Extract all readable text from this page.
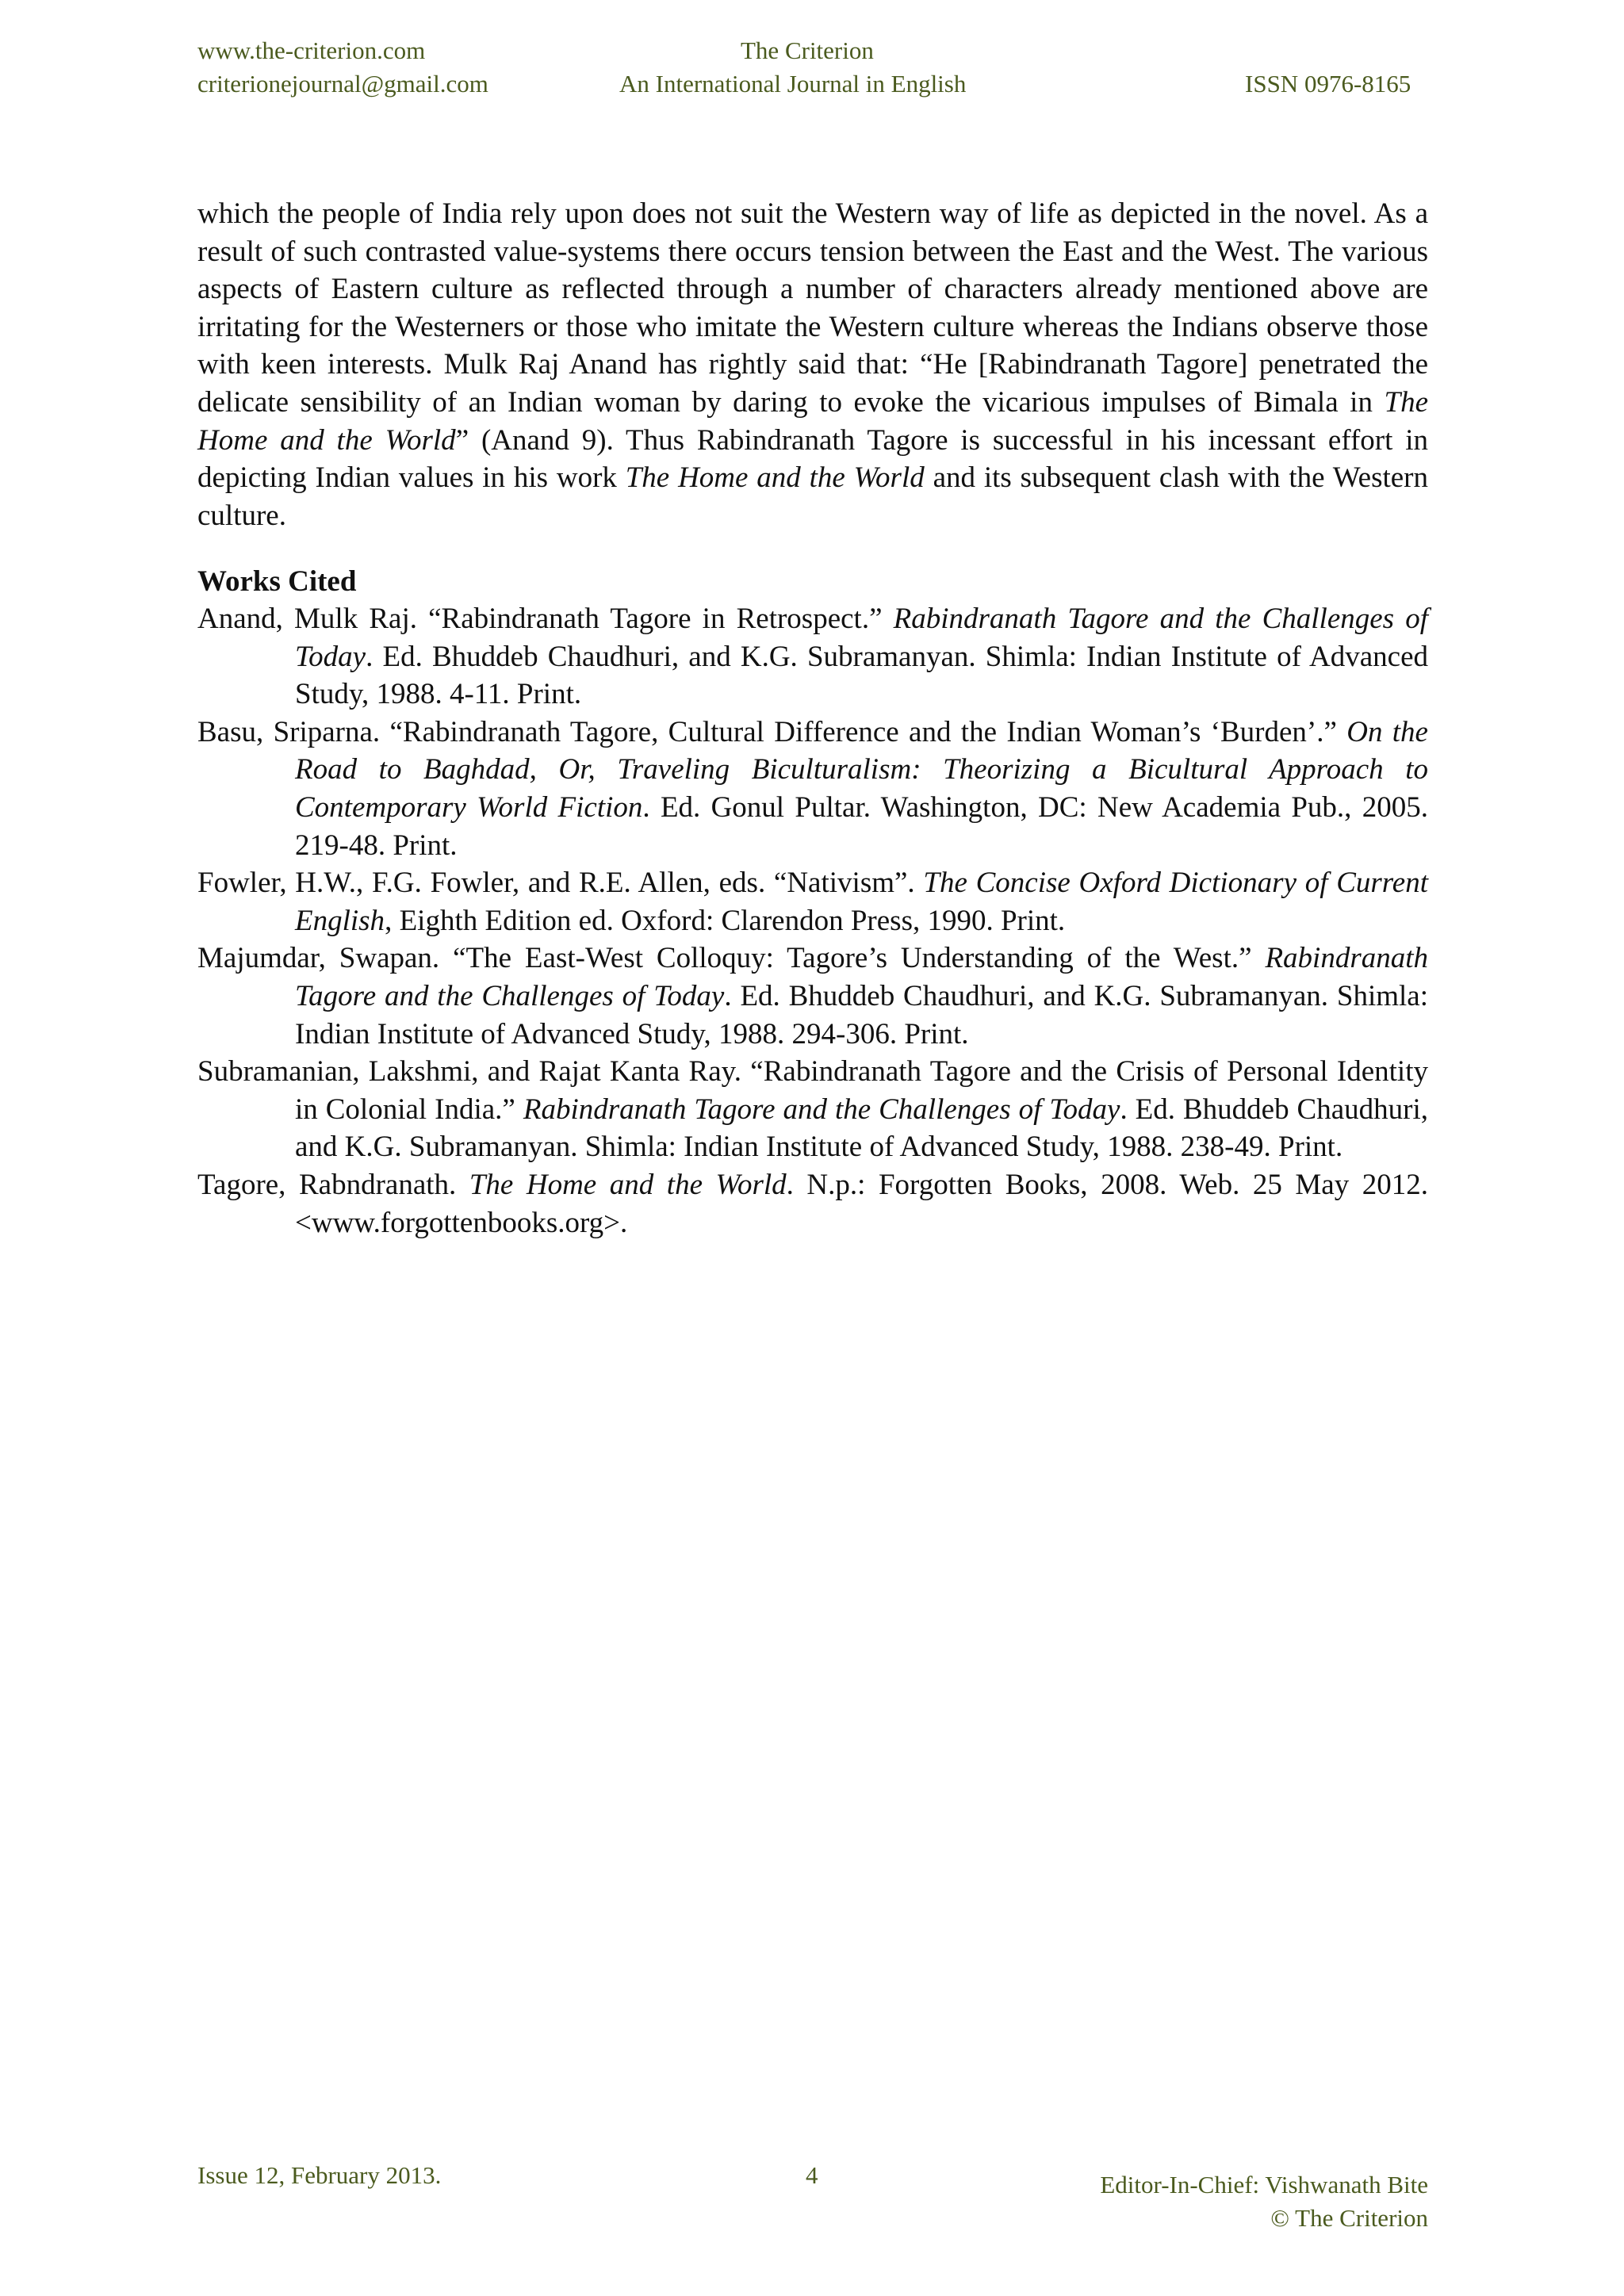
www.the-criterion.com
criterionejournal@gmail.com
The Criterion
An International Journal in English	ISSN 0976-8165

which the people of India rely upon does not suit the Western way of life as depicted in the novel. As a result of such contrasted value-systems there occurs tension between the East and the West. The various aspects of Eastern culture as reflected through a number of characters already mentioned above are irritating for the Westerners or those who imitate the Western culture whereas the Indians observe those with keen interests. Mulk Raj Anand has rightly said that: “He [Rabindranath Tagore] penetrated the delicate sensibility of an Indian woman by daring to evoke the vicarious impulses of Bimala in The Home and the World” (Anand 9). Thus Rabindranath Tagore is successful in his incessant effort in depicting Indian values in his work The Home and the World and its subsequent clash with the Western culture.

Works Cited

Anand, Mulk Raj. “Rabindranath Tagore in Retrospect.” Rabindranath Tagore and the Challenges of Today. Ed. Bhuddeb Chaudhuri, and K.G. Subramanyan. Shimla: Indian Institute of Advanced Study, 1988. 4-11. Print.

Basu, Sriparna. “Rabindranath Tagore, Cultural Difference and the Indian Woman’s ‘Burden’.” On the Road to Baghdad, Or, Traveling Biculturalism: Theorizing a Bicultural Approach to Contemporary World Fiction. Ed. Gonul Pultar. Washington, DC: New Academia Pub., 2005. 219-48. Print.

Fowler, H.W., F.G. Fowler, and R.E. Allen, eds. “Nativism”. The Concise Oxford Dictionary of Current English, Eighth Edition ed. Oxford: Clarendon Press, 1990. Print.

Majumdar, Swapan. “The East-West Colloquy: Tagore’s Understanding of the West.” Rabindranath Tagore and the Challenges of Today. Ed. Bhuddeb Chaudhuri, and K.G. Subramanyan. Shimla: Indian Institute of Advanced Study, 1988. 294-306. Print.

Subramanian, Lakshmi, and Rajat Kanta Ray. “Rabindranath Tagore and the Crisis of Personal Identity in Colonial India.” Rabindranath Tagore and the Challenges of Today. Ed. Bhuddeb Chaudhuri, and K.G. Subramanyan. Shimla: Indian Institute of Advanced Study, 1988. 238-49. Print.

Tagore, Rabndranath. The Home and the World. N.p.: Forgotten Books, 2008. Web. 25 May 2012. <www.forgottenbooks.org>.

Issue 12, February 2013.	4	Editor-In-Chief: Vishwanath Bite
© The Criterion
